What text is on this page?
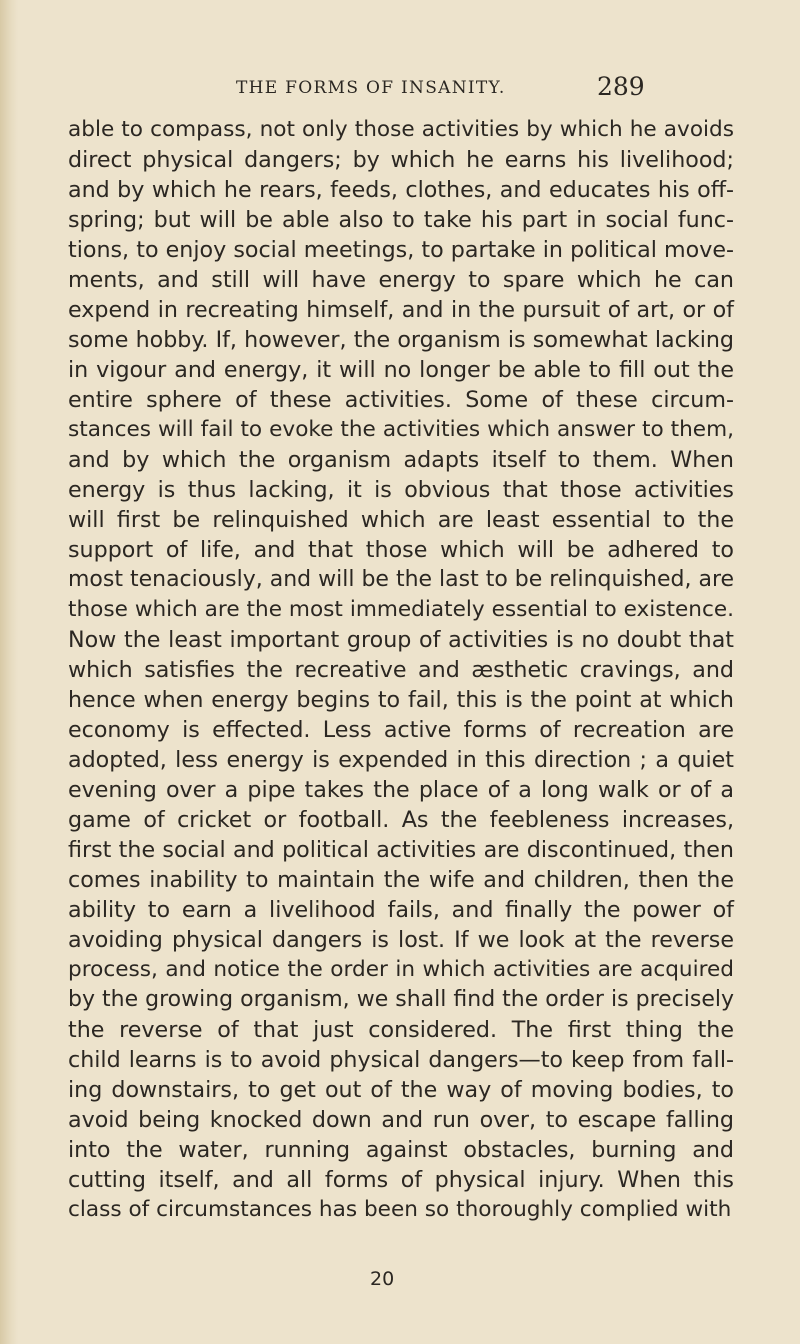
THE FORMS OF INSANITY.	289
able to compass, not only those activities by which he avoids
direct physical dangers; by which he earns his livelihood;
and by which he rears, feeds, clothes, and educates his off-
spring; but will be able also to take his part in social func-
tions, to enjoy social meetings, to partake in political move-
ments, and still will have energy to spare which he can
expend in recreating himself, and in the pursuit of art, or of
some hobby. If, however, the organism is somewhat lacking
in vigour and energy, it will no longer be able to fill out the
entire sphere of these activities. Some of these circum-
stances will fail to evoke the activities which answer to them,
and by which the organism adapts itself to them. When
energy is thus lacking, it is obvious that those activities
will first be relinquished which are least essential to the
support of life, and that those which will be adhered to
most tenaciously, and will be the last to be relinquished, are
those which are the most immediately essential to existence.
Now the least important group of activities is no doubt that
which satisfies the recreative and æsthetic cravings, and
hence when energy begins to fail, this is the point at which
economy is effected. Less active forms of recreation are
adopted, less energy is expended in this direction ; a quiet
evening over a pipe takes the place of a long walk or of a
game of cricket or football. As the feebleness increases,
first the social and political activities are discontinued, then
comes inability to maintain the wife and children, then the
ability to earn a livelihood fails, and finally the power of
avoiding physical dangers is lost. If we look at the reverse
process, and notice the order in which activities are acquired
by the growing organism, we shall find the order is precisely
the reverse of that just considered. The first thing the
child learns is to avoid physical dangers—to keep from fall-
ing downstairs, to get out of the way of moving bodies, to
avoid being knocked down and run over, to escape falling
into the water, running against obstacles, burning and
cutting itself, and all forms of physical injury. When this
class of circumstances has been so thoroughly complied with
20
